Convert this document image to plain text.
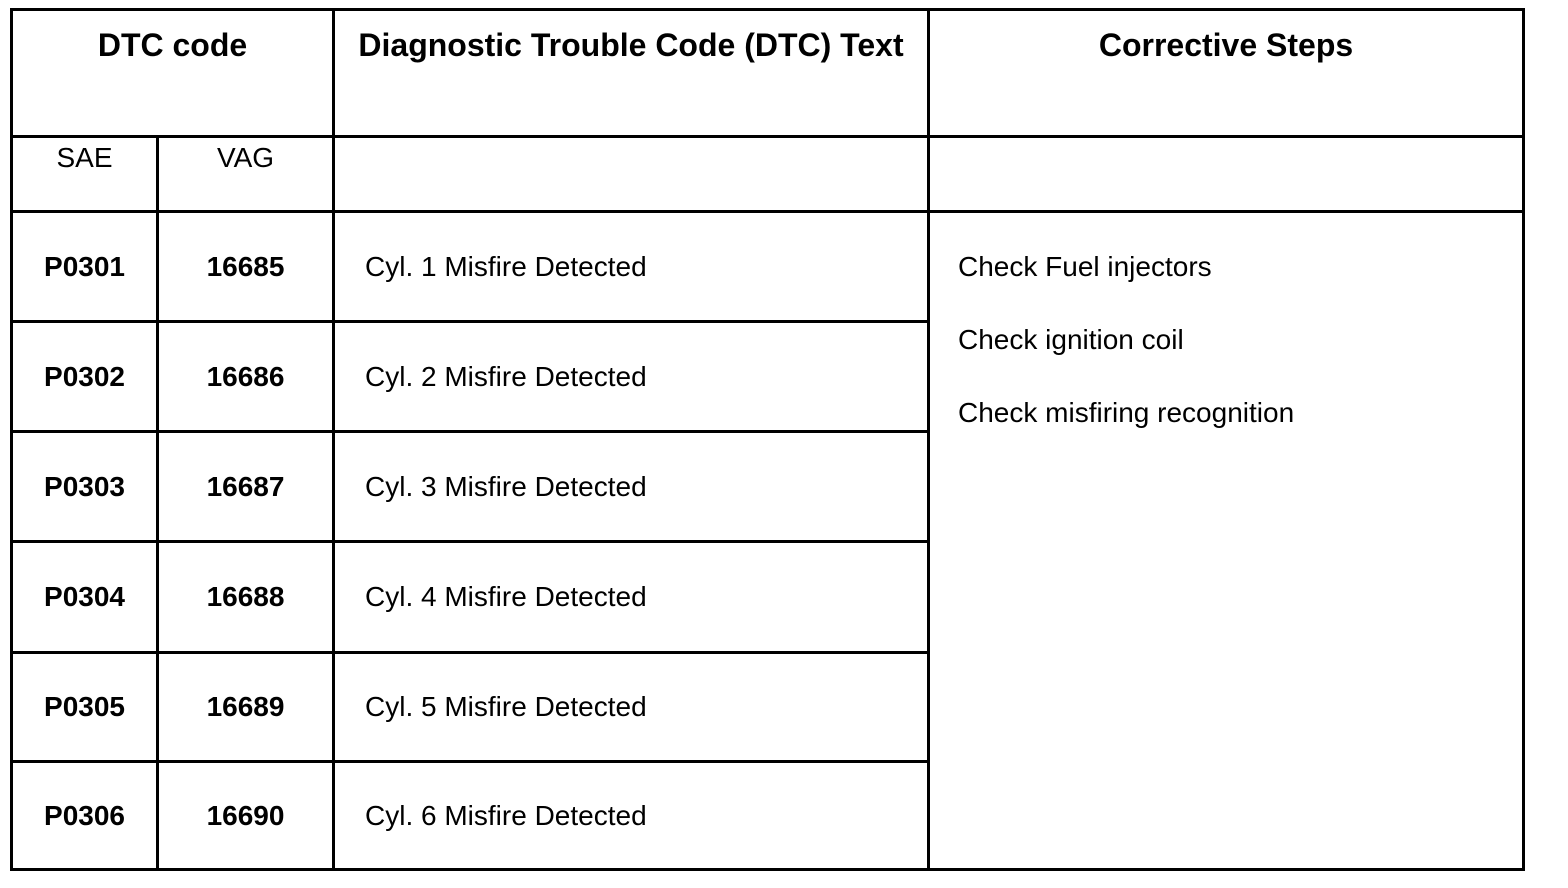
DTC code		Diagnostic Trouble Code (DTC) Text	Corrective Steps
SAE	VAG		
P0301	16685	Cyl. 1 Misfire Detected	Check Fuel injectors
Check ignition coil
Check misfiring recognition

P0302	16686	Cyl. 2 Misfire Detected	
P0303	16687	Cyl. 3 Misfire Detected	
P0304	16688	Cyl. 4 Misfire Detected	
P0305	16689	Cyl. 5 Misfire Detected	
P0306	16690	Cyl. 6 Misfire Detected	
